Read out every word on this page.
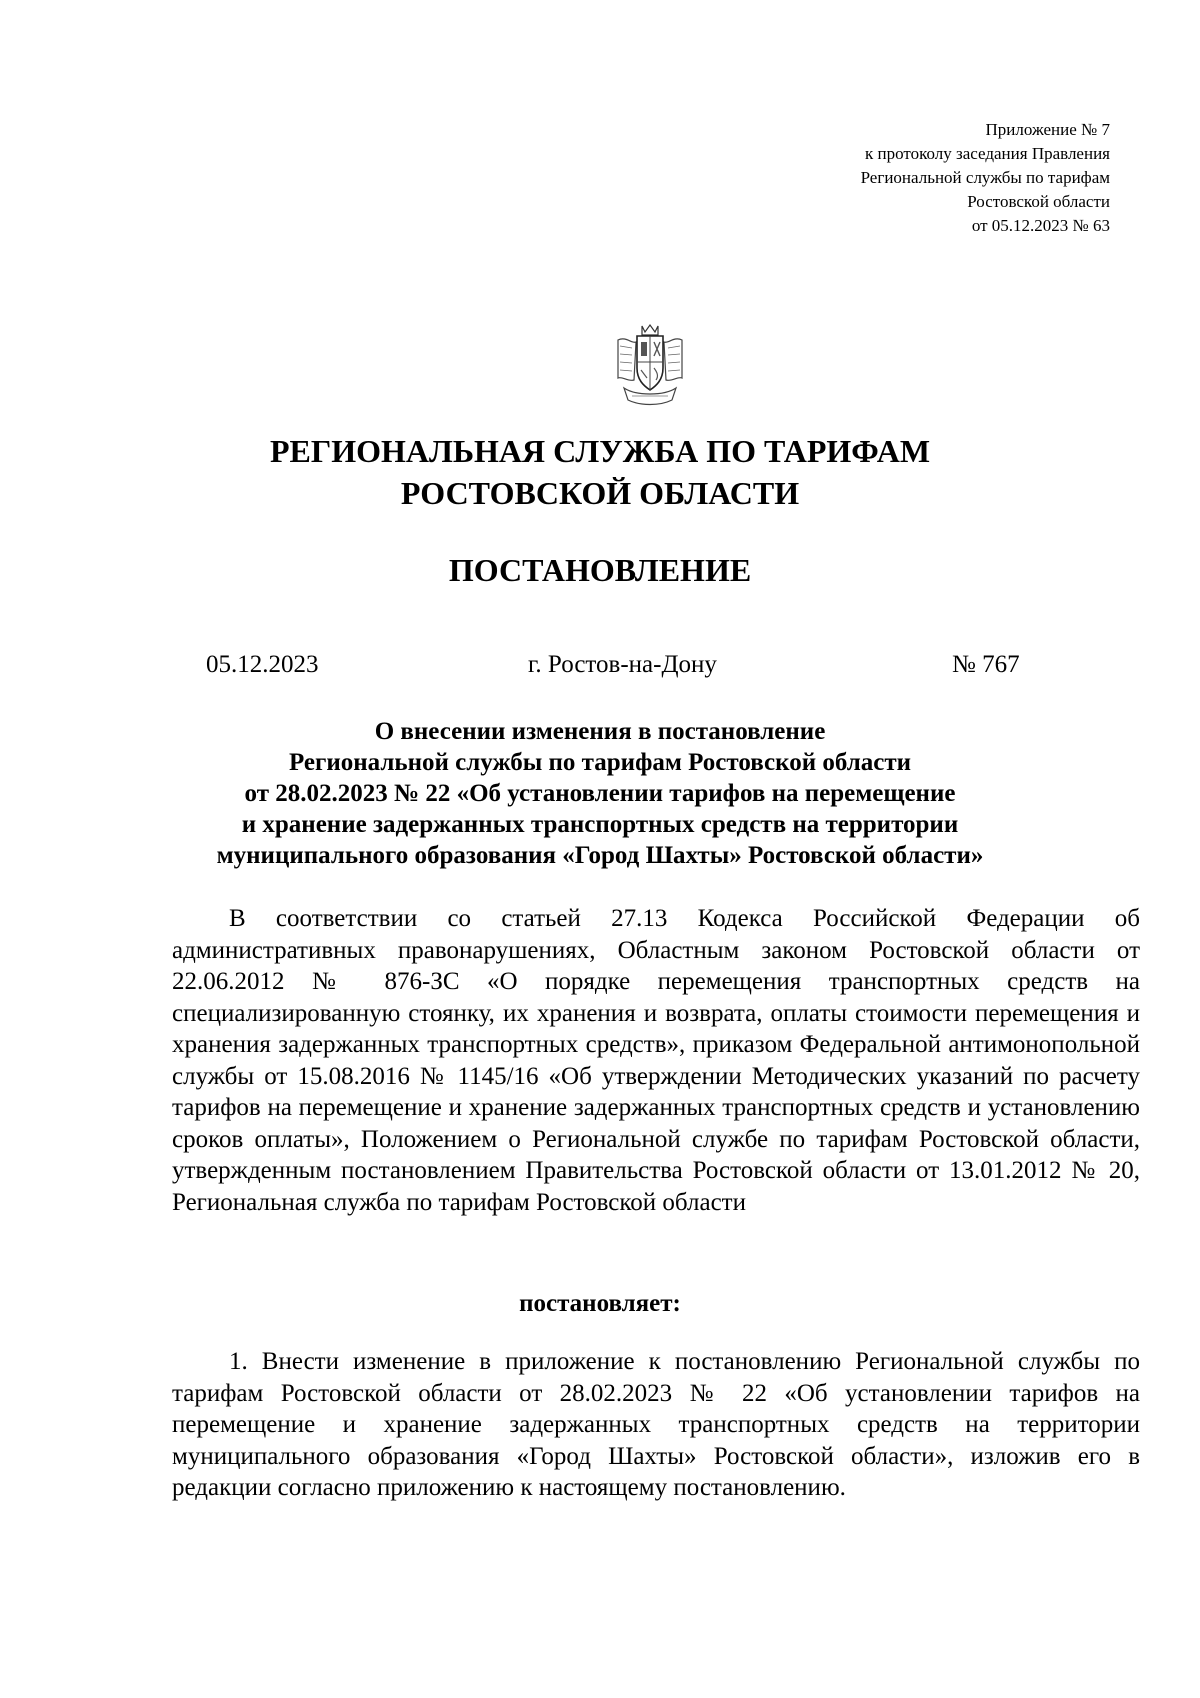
Приложение № 7
к протоколу заседания Правления
Региональной службы по тарифам
Ростовской области
от 05.12.2023 № 63
РЕГИОНАЛЬНАЯ СЛУЖБА ПО ТАРИФАМ
РОСТОВСКОЙ ОБЛАСТИ
ПОСТАНОВЛЕНИЕ
05.12.2023	г. Ростов-на-Дону	№ 767
О внесении изменения в постановление
Региональной службы по тарифам Ростовской области
от 28.02.2023 № 22 «Об установлении тарифов на перемещение
и хранение задержанных транспортных средств на территории
муниципального образования «Город Шахты» Ростовской области»
В соответствии со статьей 27.13 Кодекса Российской Федерации об административных правонарушениях, Областным законом Ростовской области от 22.06.2012 № 876-ЗС «О порядке перемещения транспортных средств на специализированную стоянку, их хранения и возврата, оплаты стоимости перемещения и хранения задержанных транспортных средств», приказом Федеральной антимонопольной службы от 15.08.2016 № 1145/16 «Об утверждении Методических указаний по расчету тарифов на перемещение и хранение задержанных транспортных средств и установлению сроков оплаты», Положением о Региональной службе по тарифам Ростовской области, утвержденным постановлением Правительства Ростовской области от 13.01.2012 № 20, Региональная служба по тарифам Ростовской области
постановляет:
1. Внести изменение в приложение к постановлению Региональной службы по тарифам Ростовской области от 28.02.2023 № 22 «Об установлении тарифов на перемещение и хранение задержанных транспортных средств на территории муниципального образования «Город Шахты» Ростовской области», изложив его в редакции согласно приложению к настоящему постановлению.
